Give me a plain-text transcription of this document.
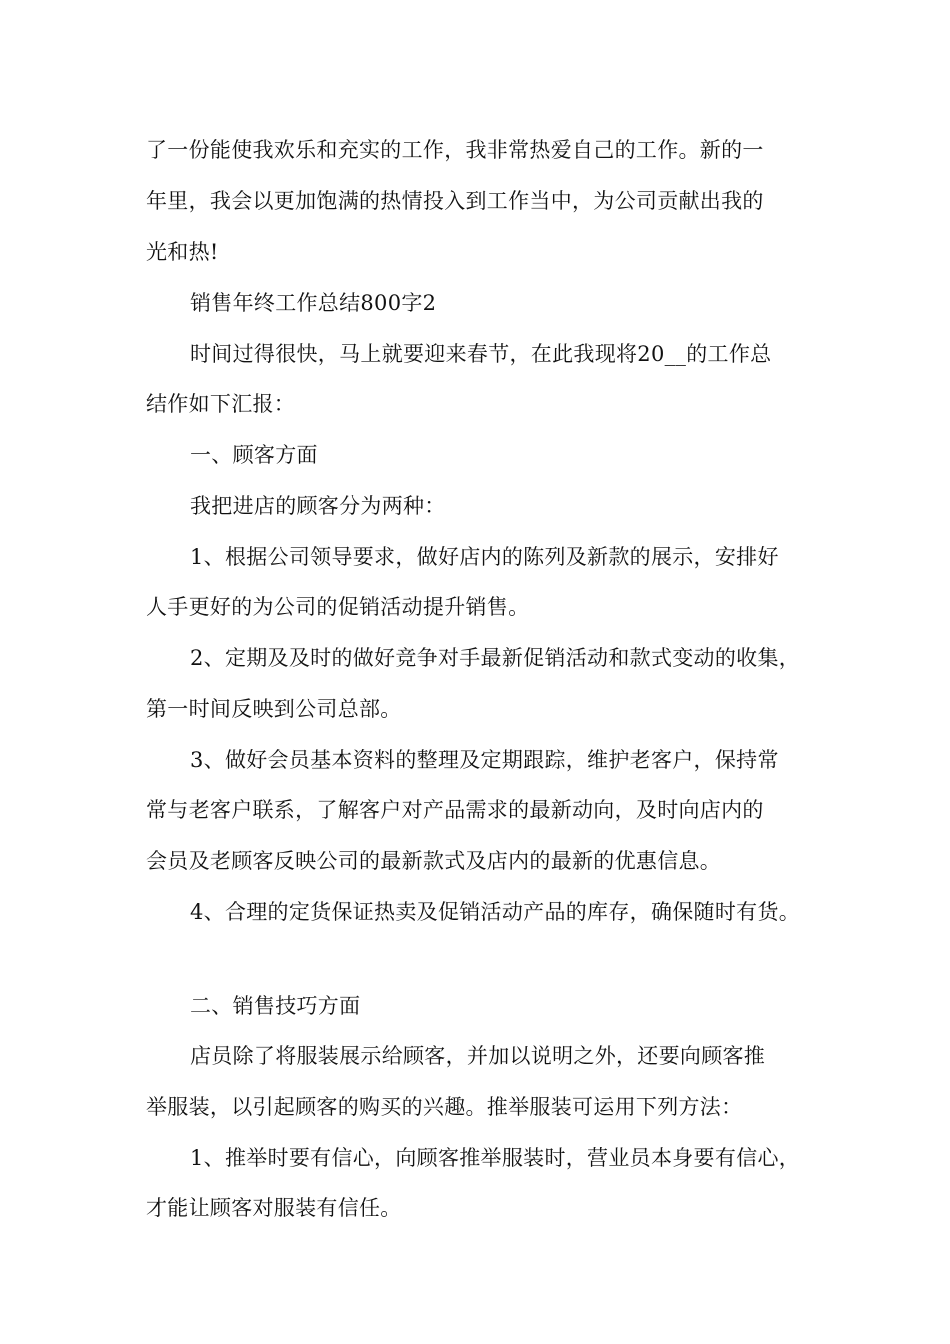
了一份能使我欢乐和充实的工作，我非常热爱自己的工作。新的一
年里，我会以更加饱满的热情投入到工作当中，为公司贡献出我的
光和热!
销售年终工作总结800字2
时间过得很快，马上就要迎来春节，在此我现将20__的工作总
结作如下汇报：
一、顾客方面
我把进店的顾客分为两种：
1、根据公司领导要求，做好店内的陈列及新款的展示，安排好
人手更好的为公司的促销活动提升销售。
2、定期及及时的做好竞争对手最新促销活动和款式变动的收集，
第一时间反映到公司总部。
3、做好会员基本资料的整理及定期跟踪，维护老客户，保持常
常与老客户联系，了解客户对产品需求的最新动向，及时向店内的
会员及老顾客反映公司的最新款式及店内的最新的优惠信息。
4、合理的定货保证热卖及促销活动产品的库存，确保随时有货。
二、销售技巧方面
店员除了将服装展示给顾客，并加以说明之外，还要向顾客推
举服装，以引起顾客的购买的兴趣。推举服装可运用下列方法：
1、推举时要有信心，向顾客推举服装时，营业员本身要有信心，
才能让顾客对服装有信任。
